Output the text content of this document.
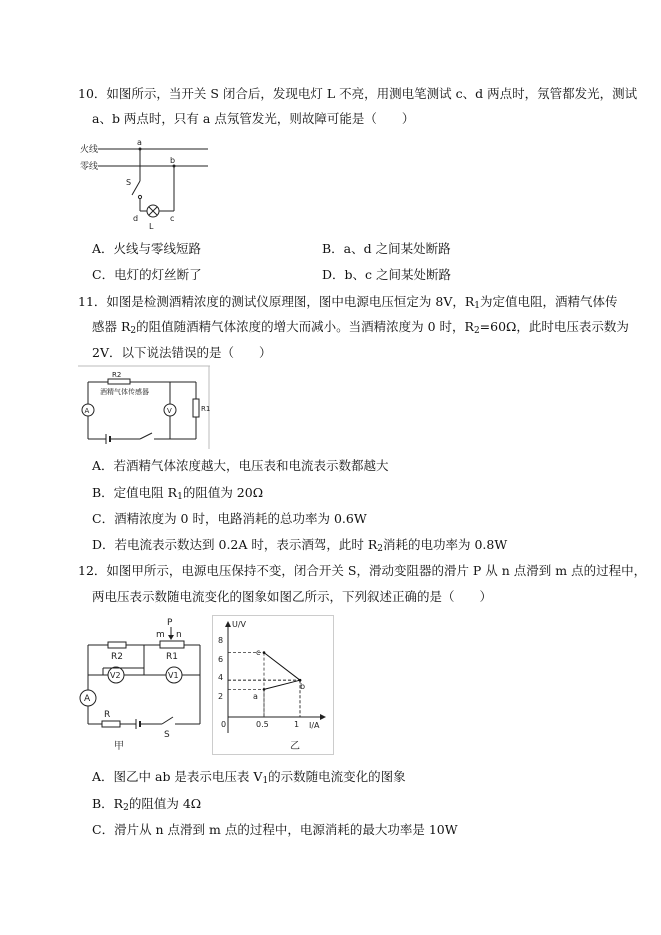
10．如图所示，当开关 S 闭合后，发现电灯 L 不亮，用测电笔测试 c、d 两点时，氖管都发光，测试
a、b 两点时，只有 a 点氖管发光，则故障可能是（　　）
火线
零线
a
b
S
d	c
L
A．火线与零线短路	B．a、d 之间某处断路
C．电灯的灯丝断了	D．b、c 之间某处断路
11．如图是检测酒精浓度的测试仪原理图，图中电源电压恒定为 8V，$R_1$为定值电阻，酒精气体传
感器 $R_2$的阻值随酒精气体浓度的增大而减小。当酒精浓度为 0 时，$R_2=60\Omega$，此时电压表示数为
2V．以下说法错误的是（　　）
R2
酒精气体传感器
A	V	R1
A．若酒精气体浓度越大，电压表和电流表示数都越大
B．定值电阻 $R_1$的阻值为 20Ω
C．酒精浓度为 0 时，电路消耗的总功率为 0.6W
D．若电流表示数达到 0.2A 时，表示酒驾，此时 $R_2$消耗的电功率为 0.8W
12．如图甲所示，电源电压保持不变，闭合开关 S，滑动变阻器的滑片 P 从 n 点滑到 m 点的过程中，
两电压表示数随电流变化的图象如图乙所示，下列叙述正确的是（　　）
P
m n
R2	R1
V2	V1
A
R
S
甲
U/V
I/A
8
6
4
2
0	0.5	1
c
b
a
乙
A．图乙中 ab 是表示电压表 $V_1$的示数随电流变化的图象
B．$R_2$的阻值为 4Ω
C．滑片从 n 点滑到 m 点的过程中，电源消耗的最大功率是 10W
